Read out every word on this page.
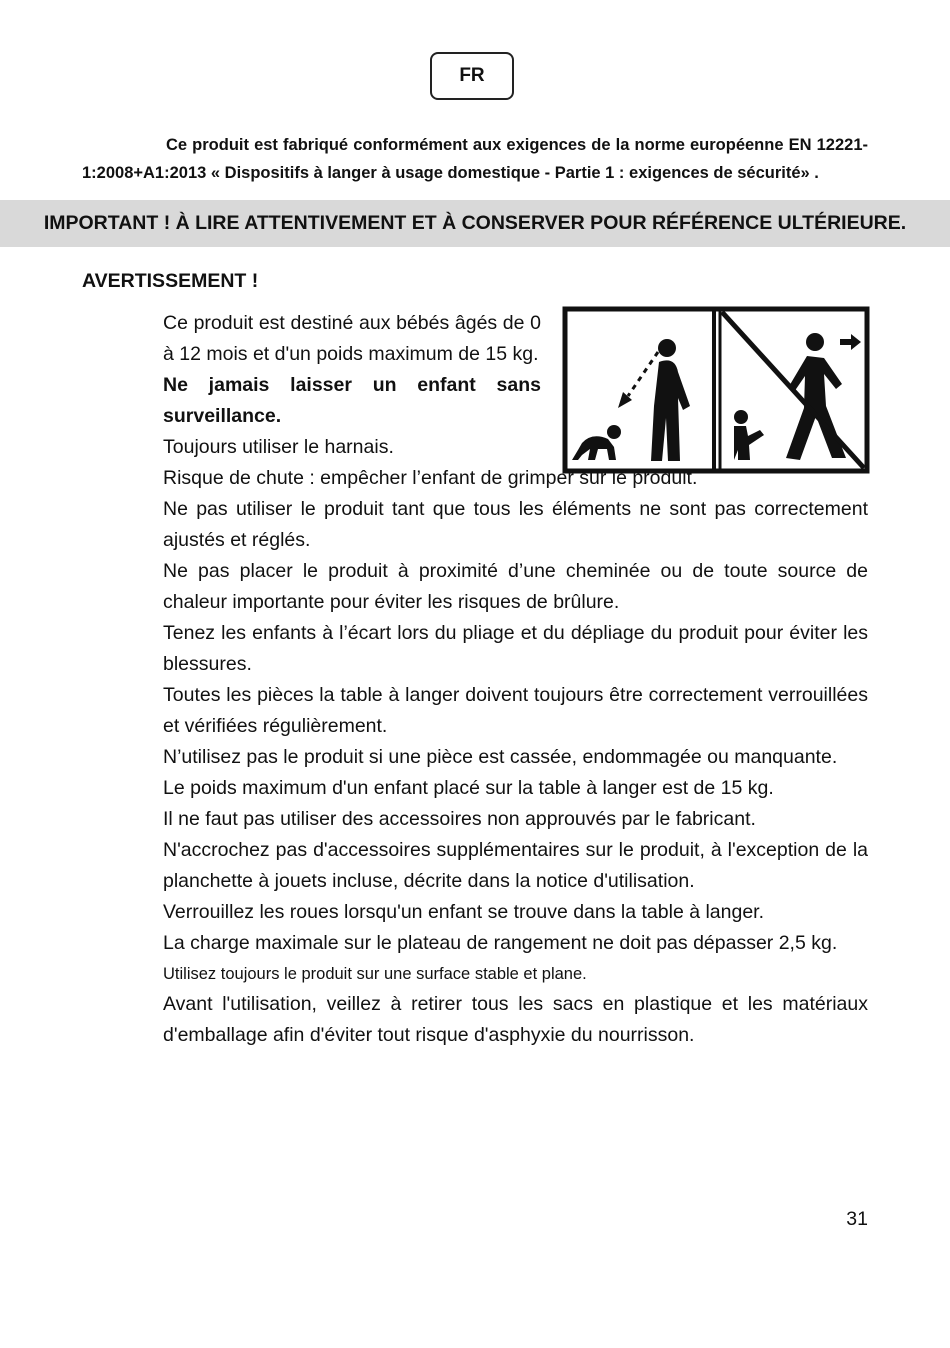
FR

Ce produit est fabriqué conformément aux exigences de la norme européenne EN 12221-1:2008+A1:2013 « Dispositifs à langer à usage domestique - Partie 1 : exigences de sécurité» .

IMPORTANT ! À LIRE ATTENTIVEMENT ET À CONSERVER POUR RÉFÉRENCE ULTÉRIEURE.
AVERTISSEMENT !

Ce produit est destiné aux bébés âgés de 0 à 12 mois et d'un poids maximum de 15 kg.

Ne jamais laisser un enfant sans surveillance.

Toujours utiliser le harnais.

Risque de chute : empêcher l’enfant de grimper sur le produit.

Ne pas utiliser le produit tant que tous les éléments ne sont pas correctement ajustés et réglés.

Ne pas placer le produit à proximité d’une cheminée ou de toute source de chaleur importante pour éviter les risques de brûlure.

Tenez les enfants à l’écart lors du pliage et du dépliage du produit pour éviter les blessures.

Toutes les pièces la table à langer doivent toujours être correctement verrouillées et vérifiées régulièrement.

N’utilisez pas le produit si une pièce est cassée, endommagée ou manquante.

Le poids maximum d'un enfant placé sur la table à langer est de 15 kg.

Il ne faut pas utiliser des accessoires non approuvés par le fabricant.

N'accrochez pas d'accessoires supplémentaires sur le produit, à l'exception de la planchette à jouets incluse, décrite dans la notice d'utilisation.

Verrouillez les roues lorsqu'un enfant se trouve dans la table à langer.

La charge maximale sur le plateau de rangement ne doit pas dépasser 2,5 kg.

Utilisez toujours le produit sur une surface stable et plane.

Avant l'utilisation, veillez à retirer tous les sacs en plastique et les matériaux d'emballage afin d'éviter tout risque d'asphyxie du nourrisson.

31
